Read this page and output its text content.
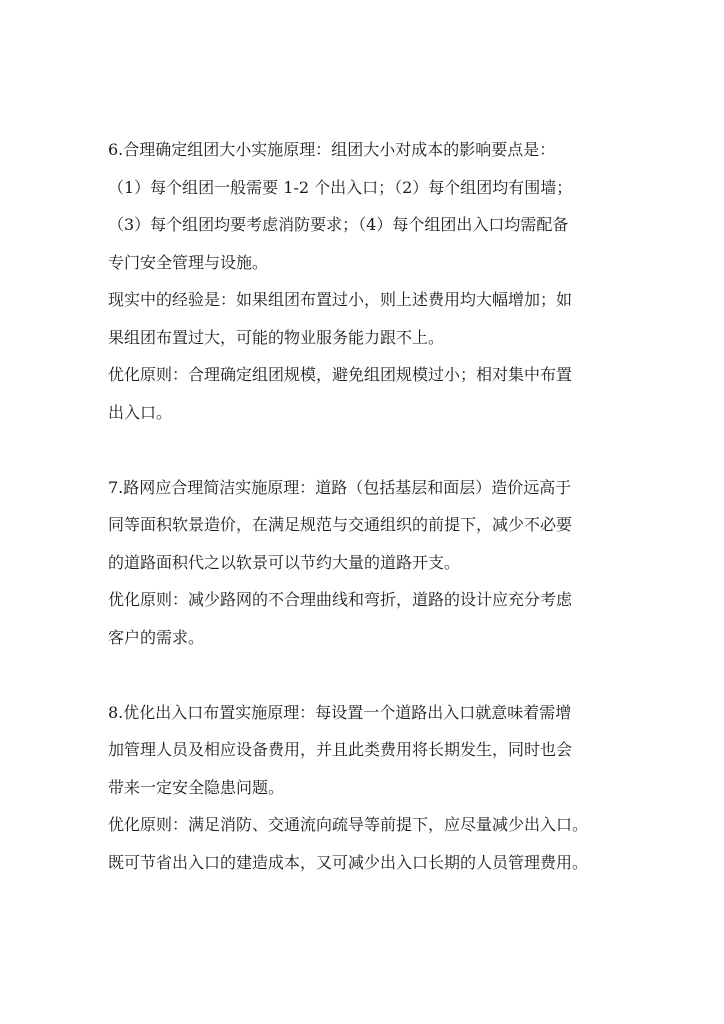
6.合理确定组团大小实施原理：组团大小对成本的影响要点是：
（1）每个组团一般需要 1-2 个出入口；（2）每个组团均有围墙；
（3）每个组团均要考虑消防要求；（4）每个组团出入口均需配备
专门安全管理与设施。
现实中的经验是：如果组团布置过小，则上述费用均大幅增加；如
果组团布置过大，可能的物业服务能力跟不上。
优化原则：合理确定组团规模，避免组团规模过小；相对集中布置
出入口。
7.路网应合理简洁实施原理：道路（包括基层和面层）造价远高于
同等面积软景造价，在满足规范与交通组织的前提下，减少不必要
的道路面积代之以软景可以节约大量的道路开支。
优化原则：减少路网的不合理曲线和弯折，道路的设计应充分考虑
客户的需求。
8.优化出入口布置实施原理：每设置一个道路出入口就意味着需增
加管理人员及相应设备费用，并且此类费用将长期发生，同时也会
带来一定安全隐患问题。
优化原则：满足消防、交通流向疏导等前提下，应尽量减少出入口。
既可节省出入口的建造成本，又可减少出入口长期的人员管理费用。
